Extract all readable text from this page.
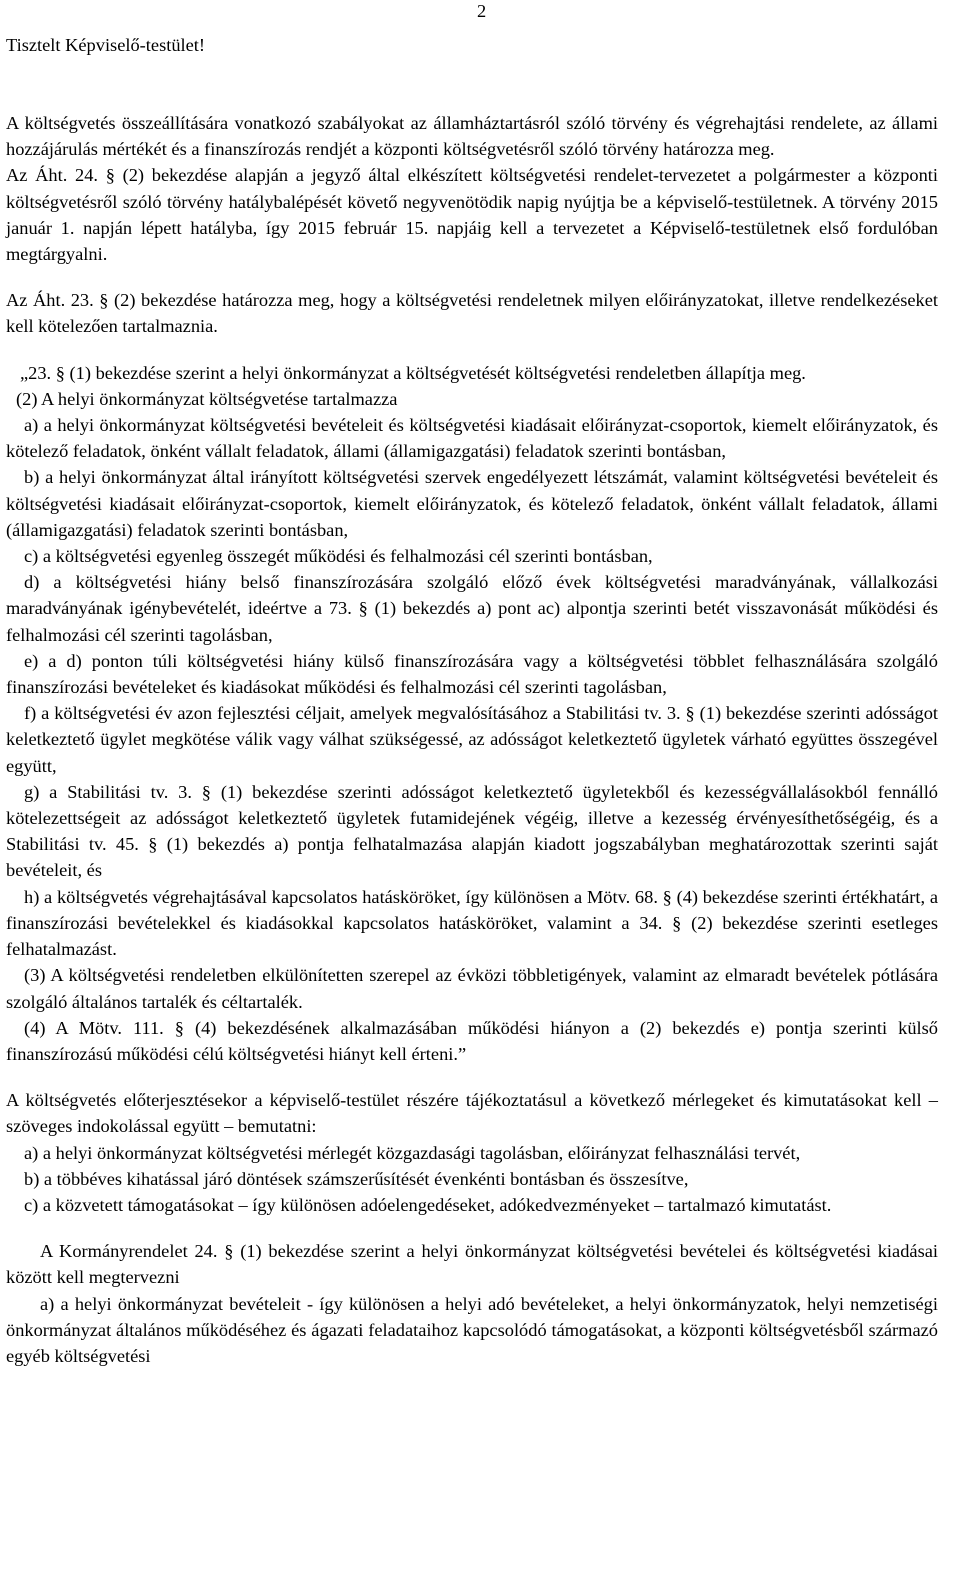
2
Tisztelt Képviselő-testület!

A költségvetés összeállítására vonatkozó szabályokat az államháztartásról szóló törvény és végrehajtási rendelete, az állami hozzájárulás mértékét és a finanszírozás rendjét a központi költségvetésről szóló törvény határozza meg.

Az Áht. 24. § (2) bekezdése alapján a jegyző által elkészített költségvetési rendelet-tervezetet a polgármester a központi költségvetésről szóló törvény hatálybalépését követő negyvenötödik napig nyújtja be a képviselő-testületnek. A törvény 2015 január 1. napján lépett hatályba, így 2015 február 15. napjáig kell a tervezetet a Képviselő-testületnek első fordulóban megtárgyalni.

Az Áht. 23. § (2) bekezdése határozza meg, hogy a költségvetési rendeletnek milyen előirányzatokat, illetve rendelkezéseket kell kötelezően tartalmaznia.

„23. § (1) bekezdése szerint a helyi önkormányzat a költségvetését költségvetési rendeletben állapítja meg.

(2) A helyi önkormányzat költségvetése tartalmazza

a) a helyi önkormányzat költségvetési bevételeit és költségvetési kiadásait előirányzat-csoportok, kiemelt előirányzatok, és kötelező feladatok, önként vállalt feladatok, állami (államigazgatási) feladatok szerinti bontásban,

b) a helyi önkormányzat által irányított költségvetési szervek engedélyezett létszámát, valamint költségvetési bevételeit és költségvetési kiadásait előirányzat-csoportok, kiemelt előirányzatok, és kötelező feladatok, önként vállalt feladatok, állami (államigazgatási) feladatok szerinti bontásban,

c) a költségvetési egyenleg összegét működési és felhalmozási cél szerinti bontásban,

d) a költségvetési hiány belső finanszírozására szolgáló előző évek költségvetési maradványának, vállalkozási maradványának igénybevételét, ideértve a 73. § (1) bekezdés a) pont ac) alpontja szerinti betét visszavonását működési és felhalmozási cél szerinti tagolásban,

e) a d) ponton túli költségvetési hiány külső finanszírozására vagy a költségvetési többlet felhasználására szolgáló finanszírozási bevételeket és kiadásokat működési és felhalmozási cél szerinti tagolásban,

f) a költségvetési év azon fejlesztési céljait, amelyek megvalósításához a Stabilitási tv. 3. § (1) bekezdése szerinti adósságot keletkeztető ügylet megkötése válik vagy válhat szükségessé, az adósságot keletkeztető ügyletek várható együttes összegével együtt,

g) a Stabilitási tv. 3. § (1) bekezdése szerinti adósságot keletkeztető ügyletekből és kezességvállalásokból fennálló kötelezettségeit az adósságot keletkeztető ügyletek futamidejének végéig, illetve a kezesség érvényesíthetőségéig, és a Stabilitási tv. 45. § (1) bekezdés a) pontja felhatalmazása alapján kiadott jogszabályban meghatározottak szerinti saját bevételeit, és

h) a költségvetés végrehajtásával kapcsolatos hatásköröket, így különösen a Mötv. 68. § (4) bekezdése szerinti értékhatárt, a finanszírozási bevételekkel és kiadásokkal kapcsolatos hatásköröket, valamint a 34. § (2) bekezdése szerinti esetleges felhatalmazást.

(3) A költségvetési rendeletben elkülönítetten szerepel az évközi többletigények, valamint az elmaradt bevételek pótlására szolgáló általános tartalék és céltartalék.

(4) A Mötv. 111. § (4) bekezdésének alkalmazásában működési hiányon a (2) bekezdés e) pontja szerinti külső finanszírozású működési célú költségvetési hiányt kell érteni.”

A költségvetés előterjesztésekor a képviselő-testület részére tájékoztatásul a következő mérlegeket és kimutatásokat kell – szöveges indokolással együtt – bemutatni:

a) a helyi önkormányzat költségvetési mérlegét közgazdasági tagolásban, előirányzat felhasználási tervét,

b) a többéves kihatással járó döntések számszerűsítését évenkénti bontásban és összesítve,

c) a közvetett támogatásokat – így különösen adóelengedéseket, adókedvezményeket – tartalmazó kimutatást.

A Kormányrendelet 24. § (1) bekezdése szerint a helyi önkormányzat költségvetési bevételei és költségvetési kiadásai között kell megtervezni

a) a helyi önkormányzat bevételeit - így különösen a helyi adó bevételeket, a helyi önkormányzatok, helyi nemzetiségi önkormányzat általános működéséhez és ágazati feladataihoz kapcsolódó támogatásokat, a központi költségvetésből származó egyéb költségvetési
